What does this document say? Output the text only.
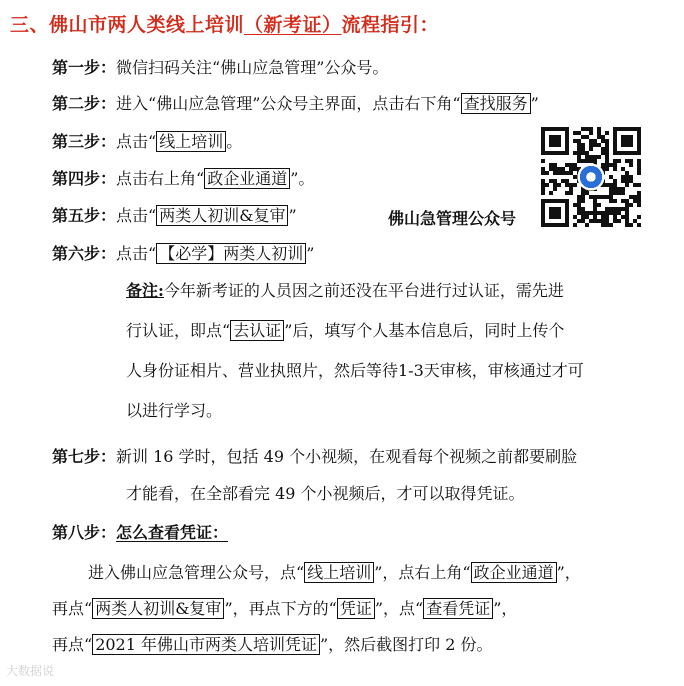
三、佛山市两人类线上培训（新考证）流程指引：
第一步：微信扫码关注“佛山应急管理”公众号。
第二步：进入“佛山应急管理”公众号主界面，点击右下角“ 查找服务 ”
第三步：点击“ 线上培训 。
第四步：点击右上角“ 政企业通道 ”。
第五步：点击“ 两类人初训&复审 ”	佛山急管理公众号
第六步：点击“ 【必学】两类人初训 ”
备注:今年新考证的人员因之前还没在平台进行过认证，需先进
行认证，即点“ 去认证 ”后，填写个人基本信息后，同时上传个
人身份证相片、营业执照片，然后等待1-3天审核，审核通过才可
以进行学习。
第七步：新训 16 学时，包括 49 个小视频，在观看每个视频之前都要刷脸
才能看，在全部看完 49 个小视频后，才可以取得凭证。
第八步：怎么查看凭证：
进入佛山应急管理公众号，点“ 线上培训 ”，点右上角“ 政企业通道 ”，
再点“ 两类人初训&复审 ”，再点下方的“ 凭证 ”，点“ 查看凭证 ”，
再点“ 2021 年佛山市两类人培训凭证 ”，然后截图打印 2 份。
大数据说
